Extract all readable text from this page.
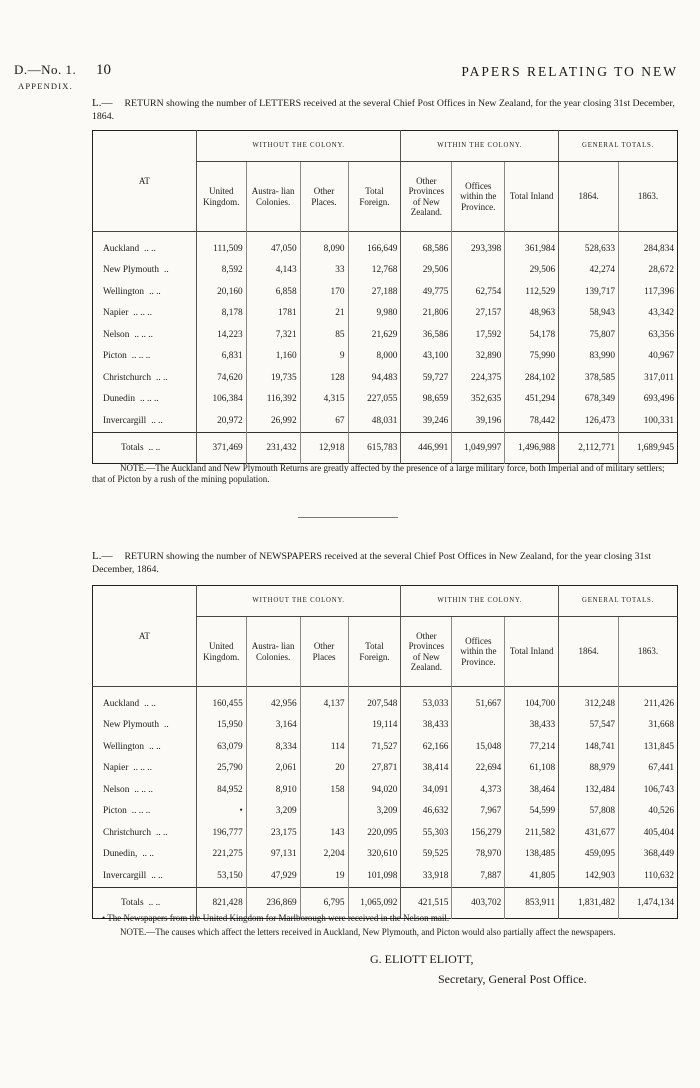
D.—No. 1.
APPENDIX.
10	PAPERS RELATING TO NEW
L.— RETURN showing the number of LETTERS received at the several Chief Post Offices in New Zealand, for the year closing 31st December, 1864.
AT	WITHOUT THE COLONY.				WITHIN THE COLONY.			GENERAL TOTALS.	
	United Kingdom.	Austra- lian Colonies.	Other Places.	Total Foreign.	Other Provinces of New Zealand.	Offices within the Province.	Total Inland	1864.	1863.
Auckland .. ..	111,509	47,050	8,090	166,649	68,586	293,398	361,984	528,633	284,834
New Plymouth ..	8,592	4,143	33	12,768	29,506		29,506	42,274	28,672
Wellington .. ..	20,160	6,858	170	27,188	49,775	62,754	112,529	139,717	117,396
Napier .. .. ..	8,178	1781	21	9,980	21,806	27,157	48,963	58,943	43,342
Nelson .. .. ..	14,223	7,321	85	21,629	36,586	17,592	54,178	75,807	63,356
Picton .. .. ..	6,831	1,160	9	8,000	43,100	32,890	75,990	83,990	40,967
Christchurch .. ..	74,620	19,735	128	94,483	59,727	224,375	284,102	378,585	317,011
Dunedin .. .. ..	106,384	116,392	4,315	227,055	98,659	352,635	451,294	678,349	693,496
Invercargill .. ..	20,972	26,992	67	48,031	39,246	39,196	78,442	126,473	100,331
Totals .. ..	371,469	231,432	12,918	615,783	446,991	1,049,997	1,496,988	2,112,771	1,689,945
NOTE.—The Auckland and New Plymouth Returns are greatly affected by the presence of a large military force, both Imperial and of military settlers; that of Picton by a rush of the mining population.
L.— RETURN showing the number of NEWSPAPERS received at the several Chief Post Offices in New Zealand, for the year closing 31st December, 1864.
AT	WITHOUT THE COLONY.				WITHIN THE COLONY.			GENERAL TOTALS.	
	United Kingdom.	Austra- lian Colonies.	Other Places	Total Foreign.	Other Provinces of New Zealand.	Offices within the Province.	Total Inland	1864.	1863.
Auckland .. ..	160,455	42,956	4,137	207,548	53,033	51,667	104,700	312,248	211,426
New Plymouth ..	15,950	3,164		19,114	38,433		38,433	57,547	31,668
Wellington .. ..	63,079	8,334	114	71,527	62,166	15,048	77,214	148,741	131,845
Napier .. .. ..	25,790	2,061	20	27,871	38,414	22,694	61,108	88,979	67,441
Nelson .. .. ..	84,952	8,910	158	94,020	34,091	4,373	38,464	132,484	106,743
Picton .. .. ..	•	3,209		3,209	46,632	7,967	54,599	57,808	40,526
Christchurch .. ..	196,777	23,175	143	220,095	55,303	156,279	211,582	431,677	405,404
Dunedin, .. ..	221,275	97,131	2,204	320,610	59,525	78,970	138,485	459,095	368,449
Invercargill .. ..	53,150	47,929	19	101,098	33,918	7,887	41,805	142,903	110,632
Totals .. ..	821,428	236,869	6,795	1,065,092	421,515	403,702	853,911	1,831,482	1,474,134
• The Newspapers from the United Kingdom for Marlborough were received in the Nelson mail.
NOTE.—The causes which affect the letters received in Auckland, New Plymouth, and Picton would also partially affect the newspapers.
G. ELIOTT ELIOTT,
Secretary, General Post Office.
